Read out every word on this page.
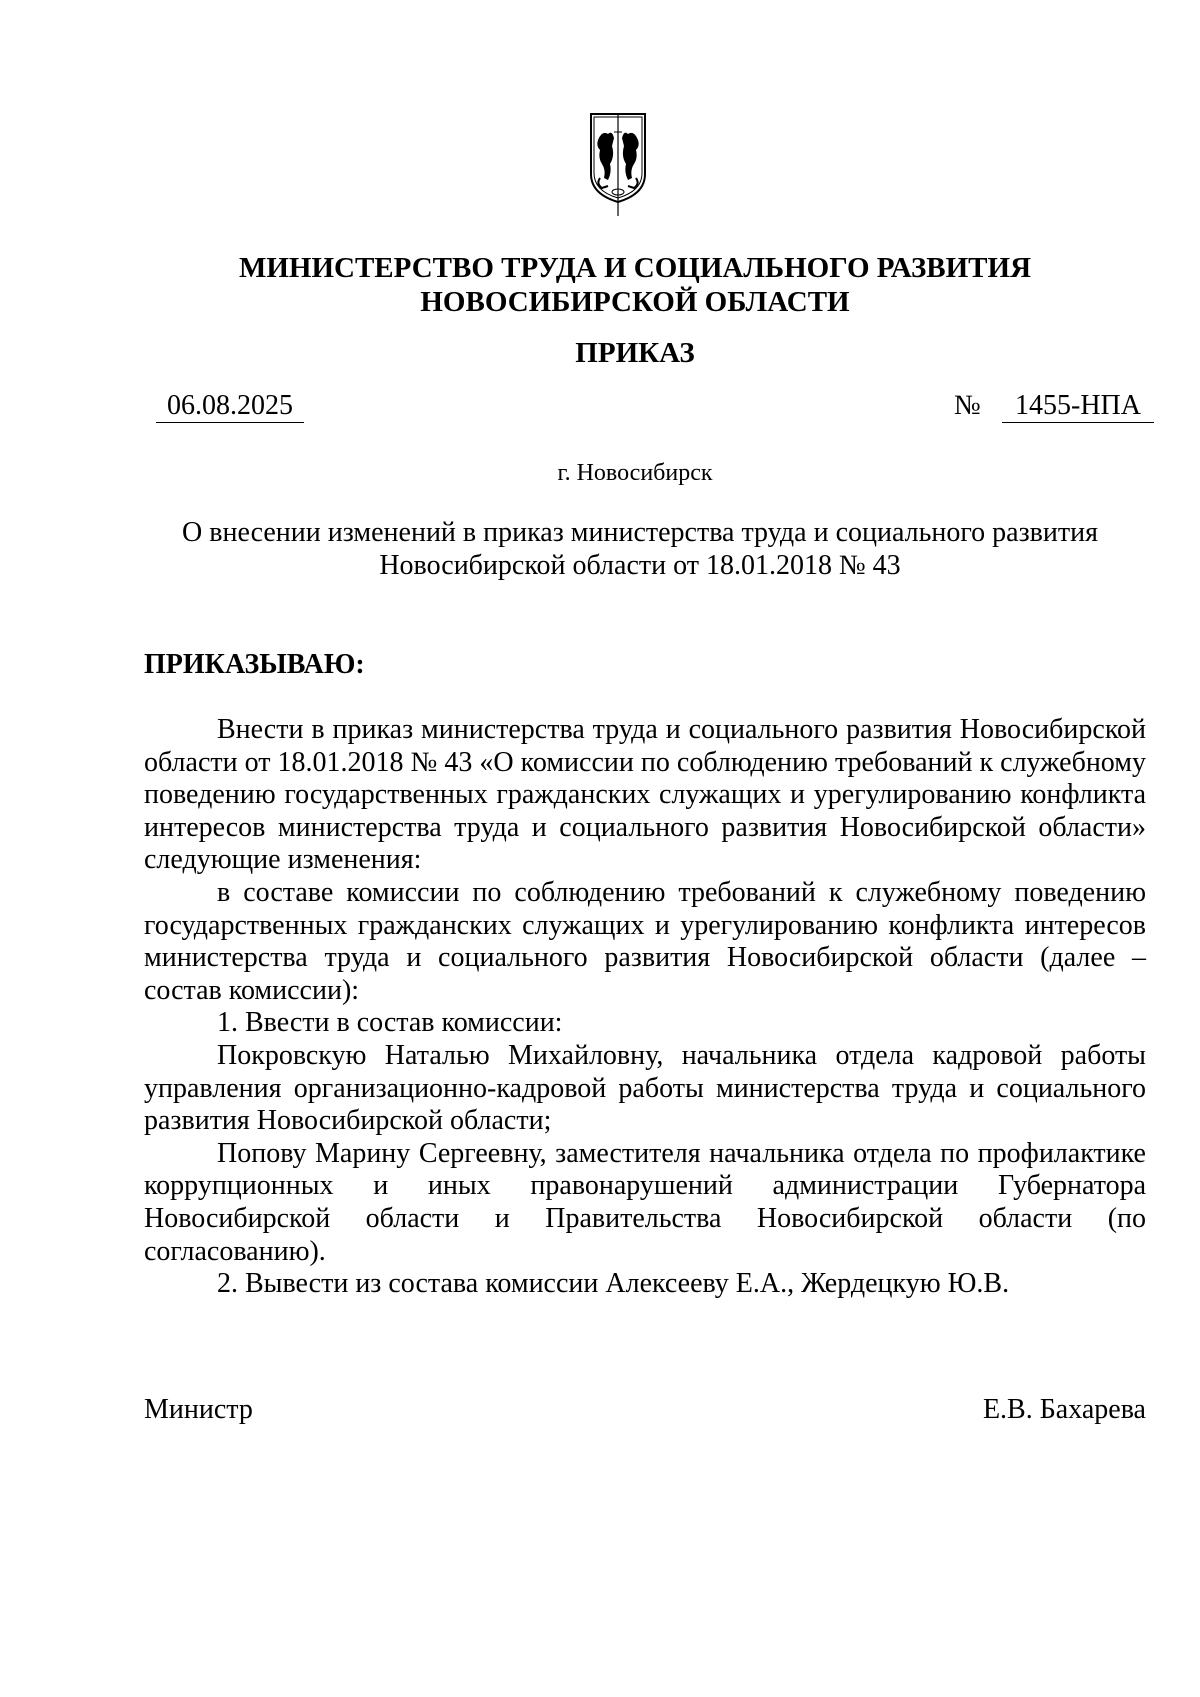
МИНИСТЕРСТВО ТРУДА И СОЦИАЛЬНОГО РАЗВИТИЯ
НОВОСИБИРСКОЙ ОБЛАСТИ
ПРИКАЗ
06.08.2025	№	1455-НПА
г. Новосибирск
О внесении изменений в приказ министерства труда и социального развития
Новосибирской области от 18.01.2018 № 43
ПРИКАЗЫВАЮ:

Внести в приказ министерства труда и социального развития Новосибирской области от 18.01.2018 № 43 «О комиссии по соблюдению требований к служебному поведению государственных гражданских служащих и урегулированию конфликта интересов министерства труда и социального развития Новосибирской области» следующие изменения:

в составе комиссии по соблюдению требований к служебному поведению государственных гражданских служащих и урегулированию конфликта интересов министерства труда и социального развития Новосибирской области (далее – состав комиссии):

1. Ввести в состав комиссии:

Покровскую Наталью Михайловну, начальника отдела кадровой работы управления организационно-кадровой работы министерства труда и социального развития Новосибирской области;

Попову Марину Сергеевну, заместителя начальника отдела по профилактике коррупционных и иных правонарушений администрации Губернатора Новосибирской области и Правительства Новосибирской области (по согласованию).

2. Вывести из состава комиссии Алексееву Е.А., Жердецкую Ю.В.

Министр	Е.В. Бахарева
